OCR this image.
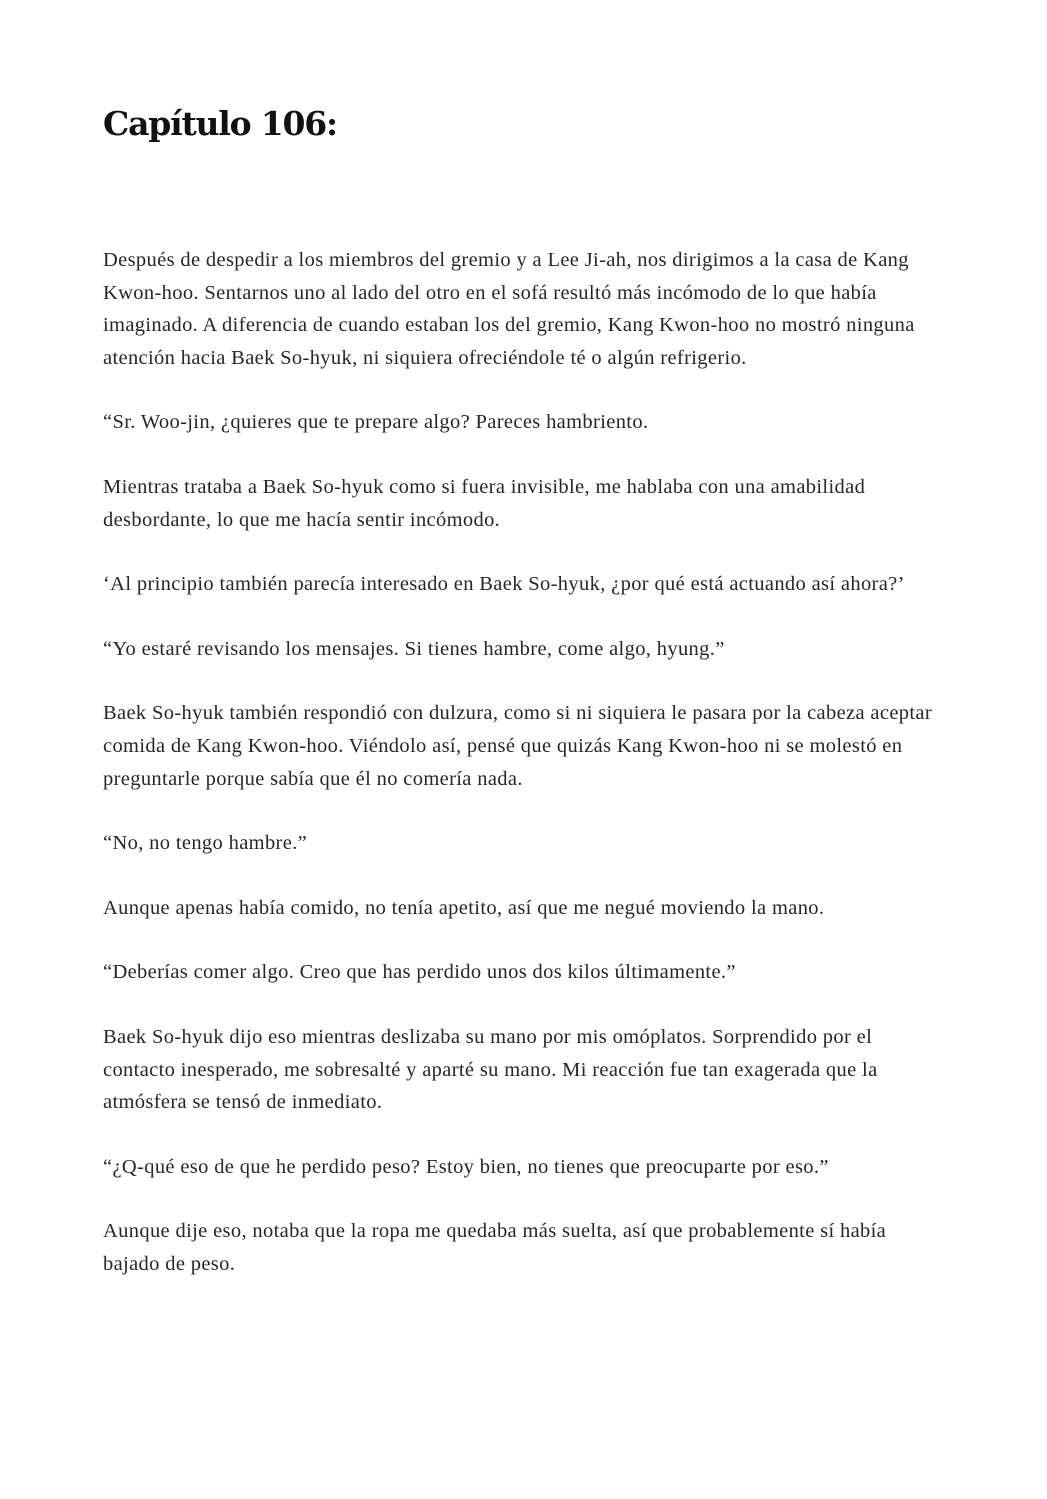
Capítulo 106:

Después de despedir a los miembros del gremio y a Lee Ji-ah, nos dirigimos a la casa de Kang Kwon-hoo. Sentarnos uno al lado del otro en el sofá resultó más incómodo de lo que había imaginado. A diferencia de cuando estaban los del gremio, Kang Kwon-hoo no mostró ninguna atención hacia Baek So-hyuk, ni siquiera ofreciéndole té o algún refrigerio.

“Sr. Woo-jin, ¿quieres que te prepare algo? Pareces hambriento.

Mientras trataba a Baek So-hyuk como si fuera invisible, me hablaba con una amabilidad desbordante, lo que me hacía sentir incómodo.

‘Al principio también parecía interesado en Baek So-hyuk, ¿por qué está actuando así ahora?’

“Yo estaré revisando los mensajes. Si tienes hambre, come algo, hyung.”

Baek So-hyuk también respondió con dulzura, como si ni siquiera le pasara por la cabeza aceptar comida de Kang Kwon-hoo. Viéndolo así, pensé que quizás Kang Kwon-hoo ni se molestó en preguntarle porque sabía que él no comería nada.

“No, no tengo hambre.”

Aunque apenas había comido, no tenía apetito, así que me negué moviendo la mano.

“Deberías comer algo. Creo que has perdido unos dos kilos últimamente.”

Baek So-hyuk dijo eso mientras deslizaba su mano por mis omóplatos. Sorprendido por el contacto inesperado, me sobresalté y aparté su mano. Mi reacción fue tan exagerada que la atmósfera se tensó de inmediato.

“¿Q-qué eso de que he perdido peso? Estoy bien, no tienes que preocuparte por eso.”

Aunque dije eso, notaba que la ropa me quedaba más suelta, así que probablemente sí había bajado de peso.
